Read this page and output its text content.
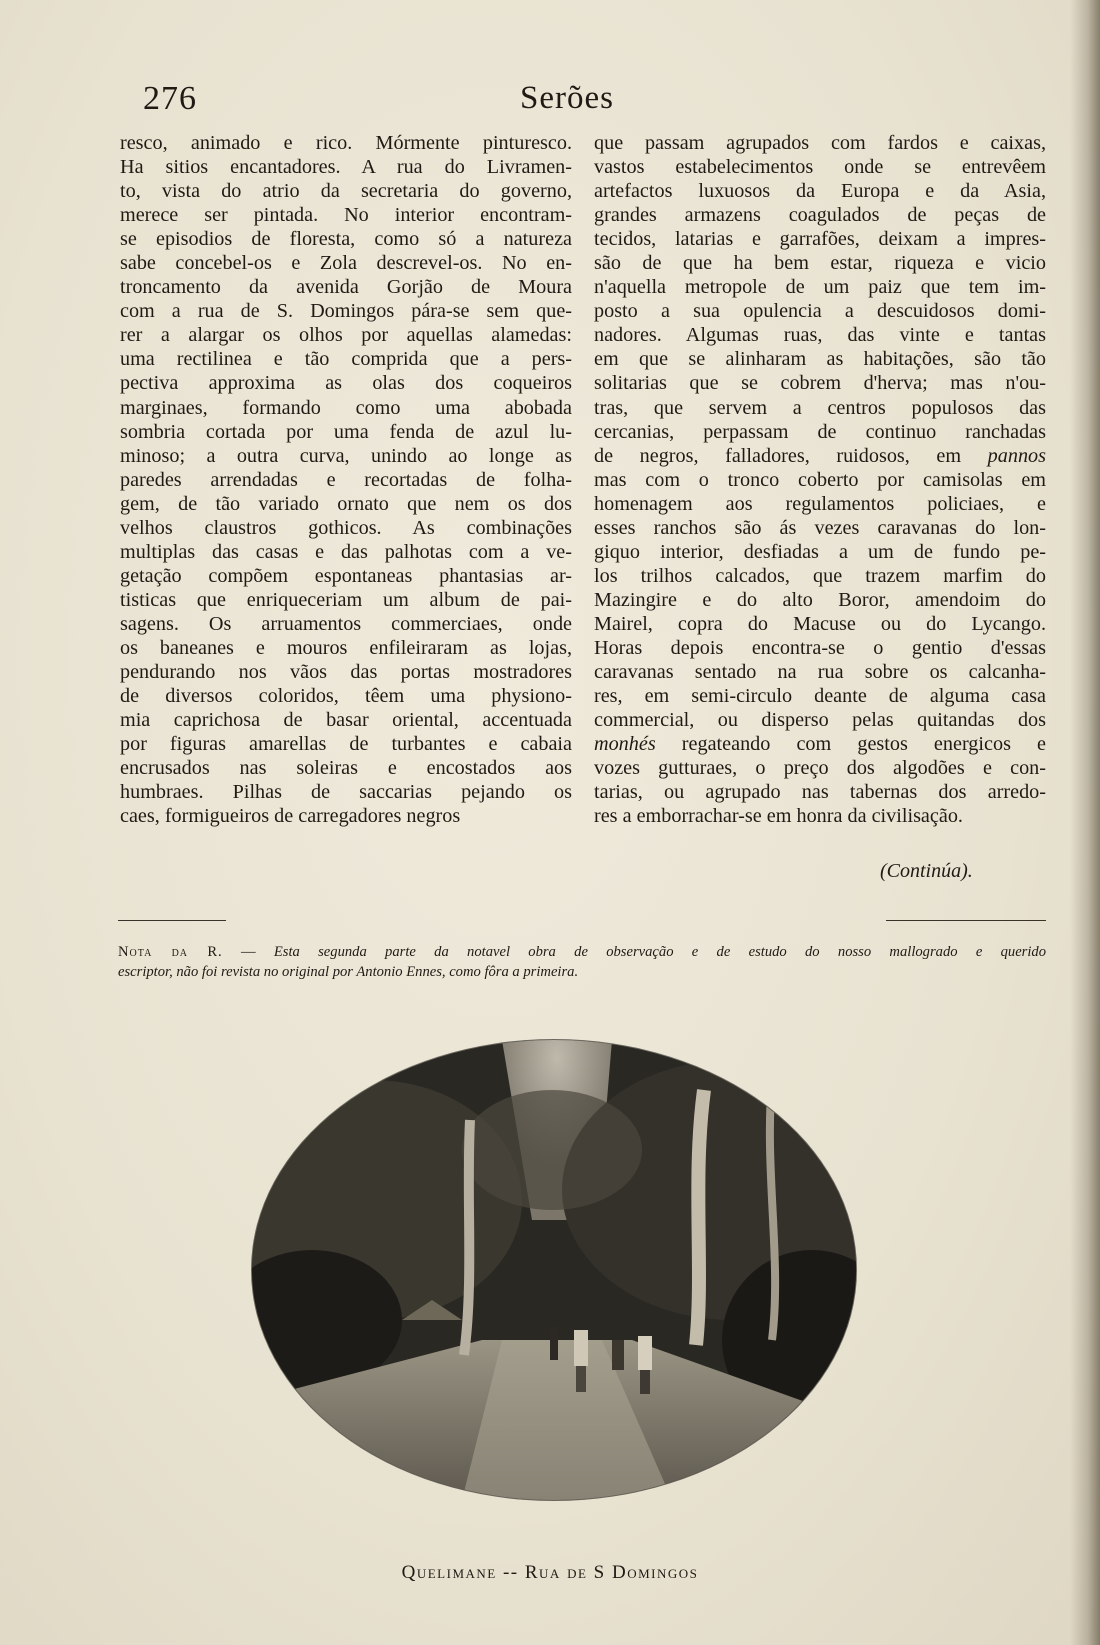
276	Serões
resco, animado e rico. Mórmente pinturesco.
Ha sitios encantadores. A rua do Livramen-
to, vista do atrio da secretaria do governo,
merece ser pintada. No interior encontram-
se episodios de floresta, como só a natureza
sabe concebel-os e Zola descrevel-os. No en-
troncamento da avenida Gorjão de Moura
com a rua de S. Domingos pára-se sem que-
rer a alargar os olhos por aquellas alamedas:
uma rectilinea e tão comprida que a pers-
pectiva approxima as olas dos coqueiros
marginaes, formando como uma abobada
sombria cortada por uma fenda de azul lu-
minoso; a outra curva, unindo ao longe as
paredes arrendadas e recortadas de folha-
gem, de tão variado ornato que nem os dos
velhos claustros gothicos. As combinações
multiplas das casas e das palhotas com a ve-
getação compõem espontaneas phantasias ar-
tisticas que enriqueceriam um album de pai-
sagens. Os arruamentos commerciaes, onde
os baneanes e mouros enfileiraram as lojas,
pendurando nos vãos das portas mostradores
de diversos coloridos, têem uma physiono-
mia caprichosa de basar oriental, accentuada
por figuras amarellas de turbantes e cabaia
encrusados nas soleiras e encostados aos
humbraes. Pilhas de saccarias pejando os
caes, formigueiros de carregadores negros
que passam agrupados com fardos e caixas,
vastos estabelecimentos onde se entrevêem
artefactos luxuosos da Europa e da Asia,
grandes armazens coagulados de peças de
tecidos, latarias e garrafões, deixam a impres-
são de que ha bem estar, riqueza e vicio
n'aquella metropole de um paiz que tem im-
posto a sua opulencia a descuidosos domi-
nadores. Algumas ruas, das vinte e tantas
em que se alinharam as habitações, são tão
solitarias que se cobrem d'herva; mas n'ou-
tras, que servem a centros populosos das
cercanias, perpassam de continuo ranchadas
de negros, falladores, ruidosos, em pannos
mas com o tronco coberto por camisolas em
homenagem aos regulamentos policiaes, e
esses ranchos são ás vezes caravanas do lon-
giquo interior, desfiadas a um de fundo pe-
los trilhos calcados, que trazem marfim do
Mazingire e do alto Boror, amendoim do
Mairel, copra do Macuse ou do Lycango.
Horas depois encontra-se o gentio d'essas
caravanas sentado na rua sobre os calcanha-
res, em semi-circulo deante de alguma casa
commercial, ou disperso pelas quitandas dos
monhés regateando com gestos energicos e
vozes gutturaes, o preço dos algodões e con-
tarias, ou agrupado nas tabernas dos arredo-
res a emborrachar-se em honra da civilisação.
(Continúa).
Nota da R. — Esta segunda parte da notavel obra de observação e de estudo do nosso mallogrado e querido
escriptor, não foi revista no original por Antonio Ennes, como fôra a primeira.
Quelimane -- Rua de S Domingos
